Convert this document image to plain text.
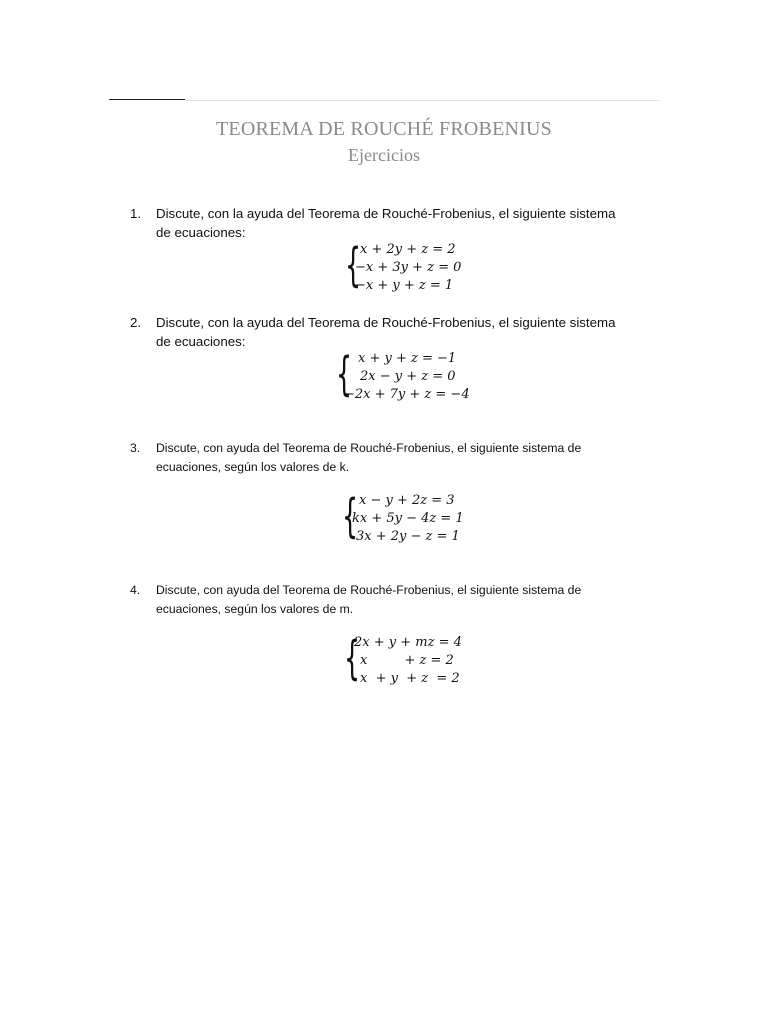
TEOREMA DE ROUCHÉ FROBENIUS
Ejercicios
1. Discute, con la ayuda del Teorema de Rouché-Frobenius, el siguiente sistema
de ecuaciones:
{
x + 2y + z = 2
−x + 3y + z = 0
−x + y + z = 1
2. Discute, con la ayuda del Teorema de Rouché-Frobenius, el siguiente sistema
de ecuaciones:
{ x + y + z = −1
2x − y + z = 0
−2x + 7y + z = −4
3. Discute, con ayuda del Teorema de Rouché-Frobenius, el siguiente sistema de
ecuaciones, según los valores de k.
{ x − y + 2z = 3
kx + 5y − 4z = 1
3x + 2y − z = 1
4. Discute, con ayuda del Teorema de Rouché-Frobenius, el siguiente sistema de
ecuaciones, según los valores de m.
{
2x + y + mz = 4
x         + z = 2
x  + y  + z  = 2
